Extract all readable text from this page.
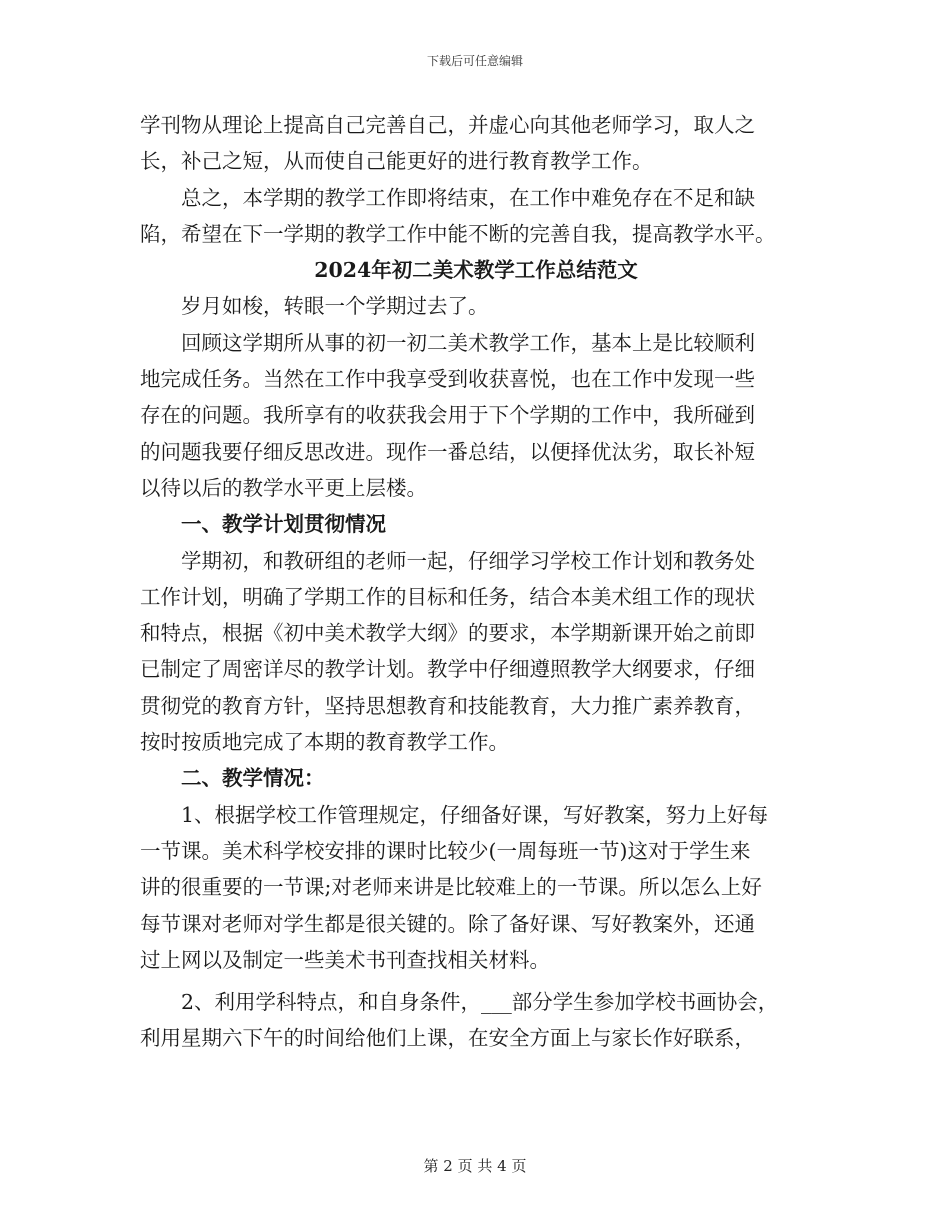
下载后可任意编辑
学刊物从理论上提高自己完善自己，并虚心向其他老师学习，取人之
长，补己之短，从而使自己能更好的进行教育教学工作。
总之，本学期的教学工作即将结束，在工作中难免存在不足和缺
陷，希望在下一学期的教学工作中能不断的完善自我，提高教学水平。
2024年初二美术教学工作总结范文
岁月如梭，转眼一个学期过去了。
回顾这学期所从事的初一初二美术教学工作，基本上是比较顺利
地完成任务。当然在工作中我享受到收获喜悦，也在工作中发现一些
存在的问题。我所享有的收获我会用于下个学期的工作中，我所碰到
的问题我要仔细反思改进。现作一番总结，以便择优汰劣，取长补短
以待以后的教学水平更上层楼。
一、教学计划贯彻情况
学期初，和教研组的老师一起，仔细学习学校工作计划和教务处
工作计划，明确了学期工作的目标和任务，结合本美术组工作的现状
和特点，根据《初中美术教学大纲》的要求，本学期新课开始之前即
已制定了周密详尽的教学计划。教学中仔细遵照教学大纲要求，仔细
贯彻党的教育方针，坚持思想教育和技能教育，大力推广素养教育，
按时按质地完成了本期的教育教学工作。
二、教学情况：
1、根据学校工作管理规定，仔细备好课，写好教案，努力上好每
一节课。美术科学校安排的课时比较少(一周每班一节)这对于学生来
讲的很重要的一节课;对老师来讲是比较难上的一节课。所以怎么上好
每节课对老师对学生都是很关键的。除了备好课、写好教案外，还通
过上网以及制定一些美术书刊查找相关材料。
2、利用学科特点，和自身条件，___部分学生参加学校书画协会，
利用星期六下午的时间给他们上课，在安全方面上与家长作好联系，
第 2 页 共 4 页
